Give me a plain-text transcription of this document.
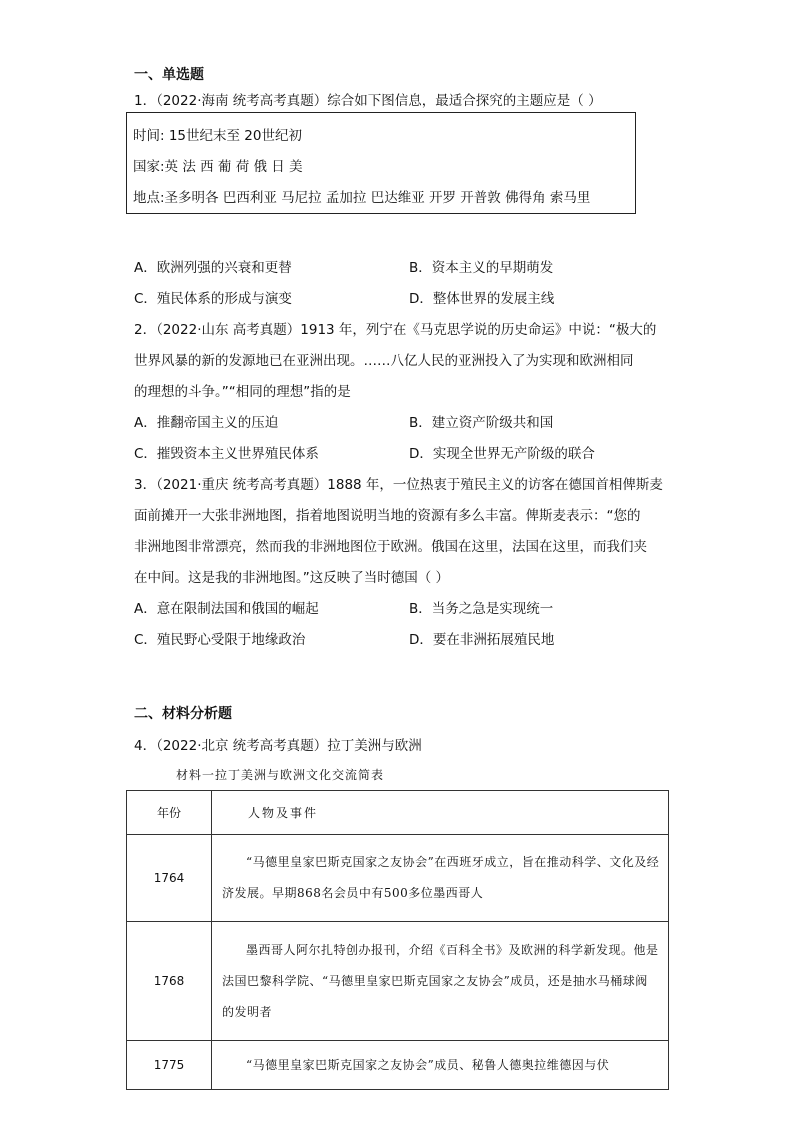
一、单选题
1．（2022·海南 统考高考真题）综合如下图信息，最适合探究的主题应是（ ）
时间: 15世纪末至 20世纪初
国家:英 法 西 葡 荷 俄 日 美
地点:圣多明各 巴西利亚 马尼拉 孟加拉 巴达维亚 开罗 开普敦 佛得角 索马里
A．欧洲列强的兴衰和更替	B．资本主义的早期萌发
C．殖民体系的形成与演变	D．整体世界的发展主线
2．（2022·山东 高考真题）1913 年，列宁在《马克思学说的历史命运》中说：“极大的
世界风暴的新的发源地已在亚洲出现。……八亿人民的亚洲投入了为实现和欧洲相同
的理想的斗争。”“相同的理想”指的是
A．推翻帝国主义的压迫	B．建立资产阶级共和国
C．摧毁资本主义世界殖民体系	D．实现全世界无产阶级的联合
3．（2021·重庆 统考高考真题）1888 年，一位热衷于殖民主义的访客在德国首相俾斯麦
面前摊开一大张非洲地图，指着地图说明当地的资源有多么丰富。俾斯麦表示：“您的
非洲地图非常漂亮，然而我的非洲地图位于欧洲。俄国在这里，法国在这里，而我们夹
在中间。这是我的非洲地图。”这反映了当时德国（ ）
A．意在限制法国和俄国的崛起	B．当务之急是实现统一
C．殖民野心受限于地缘政治	D．要在非洲拓展殖民地
二、材料分析题
4．（2022·北京 统考高考真题）拉丁美洲与欧洲
材料一拉丁美洲与欧洲文化交流简表
年份	人物及事件
1764	“马德里皇家巴斯克国家之友协会”在西班牙成立，旨在推动科学、文化及经济发展。早期868名会员中有500多位墨西哥人
1768	墨西哥人阿尔扎特创办报刊，介绍《百科全书》及欧洲的科学新发现。他是法国巴黎科学院、“马德里皇家巴斯克国家之友协会”成员，还是抽水马桶球阀的发明者
1775	“马德里皇家巴斯克国家之友协会”成员、秘鲁人德奥拉维德因与伏
